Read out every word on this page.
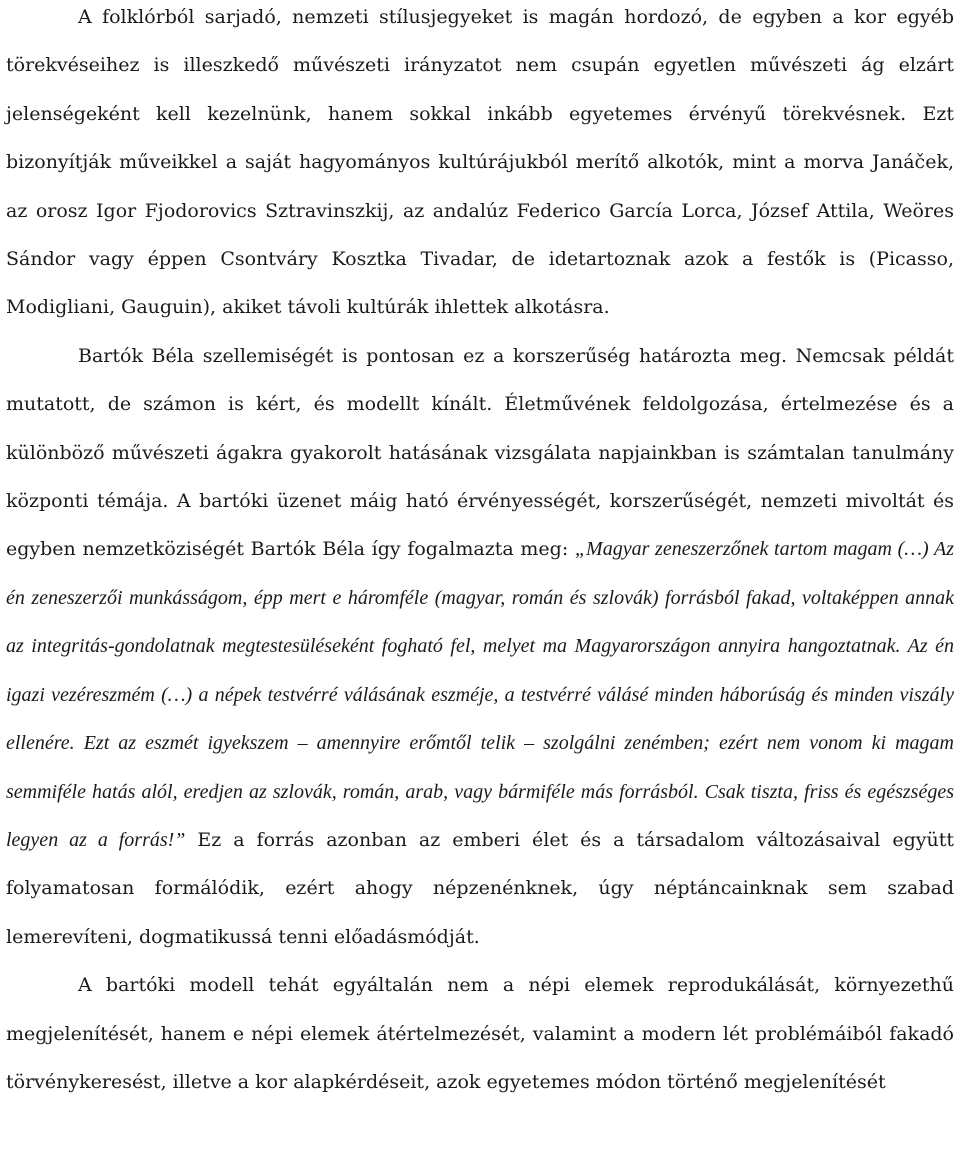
A folklórból sarjadó, nemzeti stílusjegyeket is magán hordozó, de egyben a kor egyéb törekvéseihez is illeszkedő művészeti irányzatot nem csupán egyetlen művészeti ág elzárt jelenségeként kell kezelnünk, hanem sokkal inkább egyetemes érvényű törekvésnek. Ezt bizonyítják műveikkel a saját hagyományos kultúrájukból merítő alkotók, mint a morva Janáček, az orosz Igor Fjodorovics Sztravinszkij, az andalúz Federico García Lorca, József Attila, Weöres Sándor vagy éppen Csontváry Kosztka Tivadar, de idetartoznak azok a festők is (Picasso, Modigliani, Gauguin), akiket távoli kultúrák ihlettek alkotásra.

Bartók Béla szellemiségét is pontosan ez a korszerűség határozta meg. Nemcsak példát mutatott, de számon is kért, és modellt kínált. Életművének feldolgozása, értelmezése és a különböző művészeti ágakra gyakorolt hatásának vizsgálata napjainkban is számtalan tanulmány központi témája. A bartóki üzenet máig ható érvényességét, korszerűségét, nemzeti mivoltát és egyben nemzetköziségét Bartók Béla így fogalmazta meg: „Magyar zeneszerzőnek tartom magam (…) Az én zeneszerzői munkásságom, épp mert e háromféle (magyar, román és szlovák) forrásból fakad, voltaképpen annak az integritás-gondolatnak megtestesüléseként fogható fel, melyet ma Magyarországon annyira hangoztatnak. Az én igazi vezéreszmém (…) a népek testvérré válásának eszméje, a testvérré válásé minden háborúság és minden viszály ellenére. Ezt az eszmét igyekszem – amennyire erőmtől telik – szolgálni zenémben; ezért nem vonom ki magam semmiféle hatás alól, eredjen az szlovák, román, arab, vagy bármiféle más forrásból. Csak tiszta, friss és egészséges legyen az a forrás!” Ez a forrás azonban az emberi élet és a társadalom változásaival együtt folyamatosan formálódik, ezért ahogy népzenénknek, úgy néptáncainknak sem szabad lemerevíteni, dogmatikussá tenni előadásmódját.

A bartóki modell tehát egyáltalán nem a népi elemek reprodukálását, környezethű megjelenítését, hanem e népi elemek átértelmezését, valamint a modern lét problémáiból fakadó törvénykeresést, illetve a kor alapkérdéseit, azok egyetemes módon történő megjelenítését
